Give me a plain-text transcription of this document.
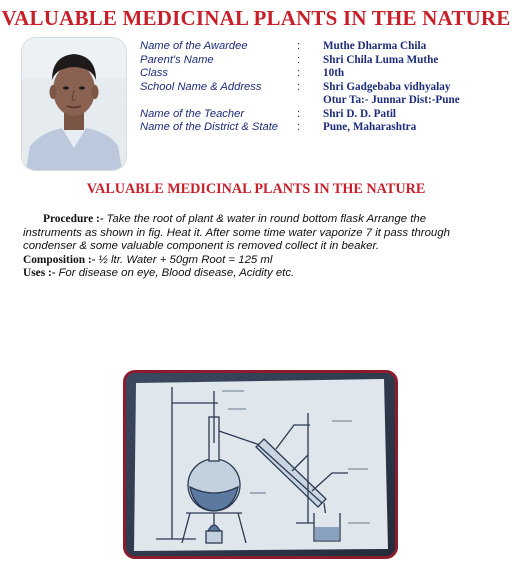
VALUABLE MEDICINAL PLANTS IN THE NATURE
Name of the Awardee	: Muthe Dharma Chila
Parent's Name	: Shri Chila Luma Muthe
Class	: 10th
School Name & Address	: Shri Gadgebaba vidhyalay
Otur Ta:- Junnar Dist:-Pune
Name of the Teacher	: Shri D. D. Patil
Name of the District & State : Pune, Maharashtra
VALUABLE MEDICINAL PLANTS IN THE NATURE

Procedure :- Take the root of plant & water in round bottom flask Arrange the

instruments as shown in fig. Heat it. After some time water vaporize 7 it pass through

condenser & some valuable component is removed collect it in beaker.

Composition :- ½ ltr. Water + 50gm Root = 125 ml

Uses :- For disease on eye, Blood disease, Acidity etc.
